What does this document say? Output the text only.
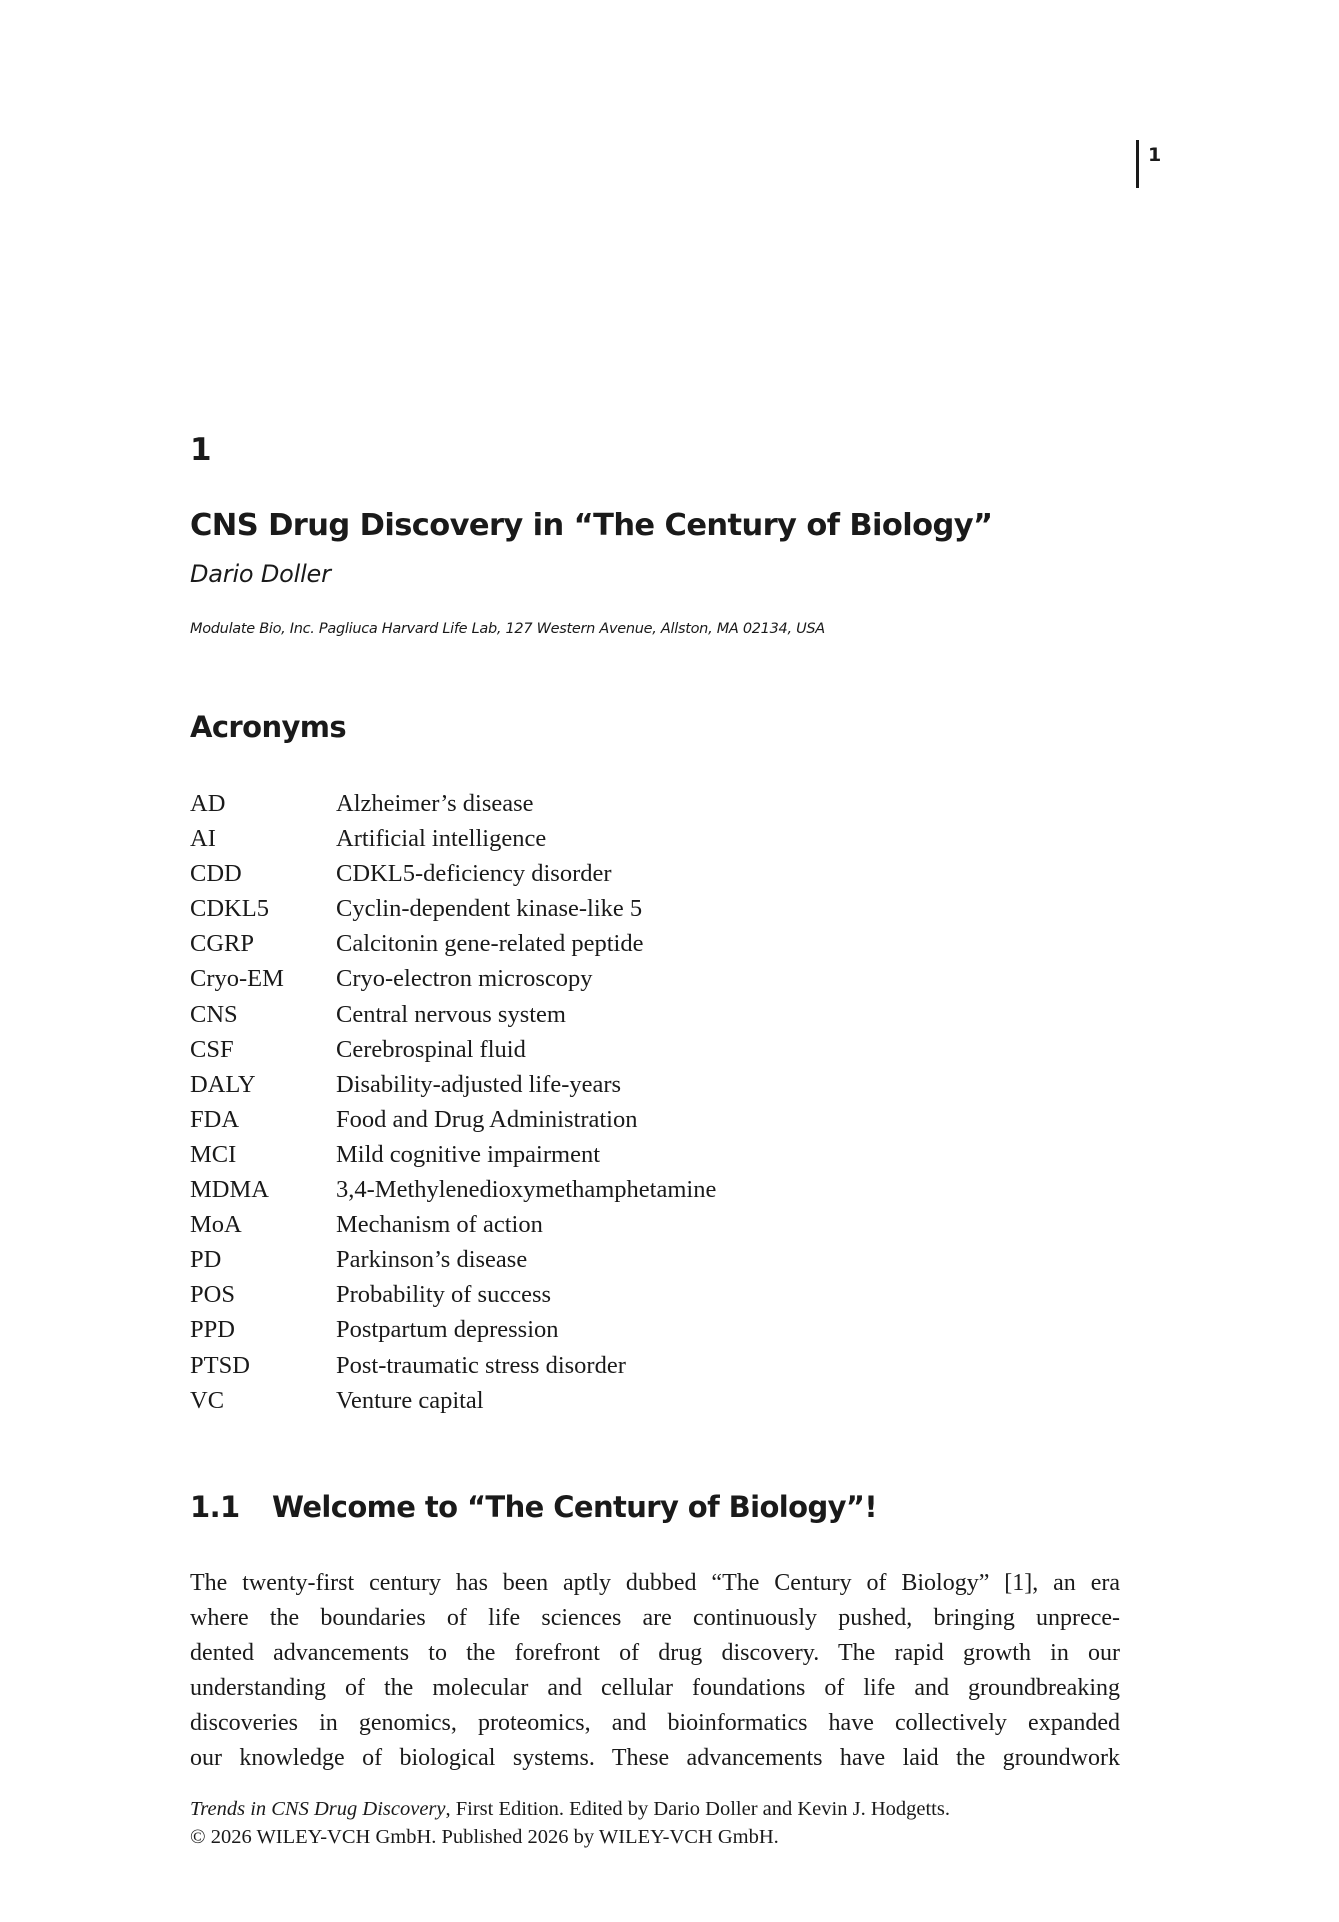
1
1
CNS Drug Discovery in “The Century of Biology”
Dario Doller
Modulate Bio, Inc. Pagliuca Harvard Life Lab, 127 Western Avenue, Allston, MA 02134, USA
Acronyms
AD	Alzheimer’s disease
AI	Artificial intelligence
CDD	CDKL5-deficiency disorder
CDKL5	Cyclin-dependent kinase-like 5
CGRP	Calcitonin gene-related peptide
Cryo-EM Cryo-electron microscopy
CNS	Central nervous system
CSF	Cerebrospinal fluid
DALY	Disability-adjusted life-years
FDA	Food and Drug Administration
MCI	Mild cognitive impairment
MDMA	3,4-Methylenedioxymethamphetamine
MoA	Mechanism of action
PD	Parkinson’s disease
POS	Probability of success
PPD	Postpartum depression
PTSD	Post-traumatic stress disorder
VC	Venture capital
1.1 Welcome to “The Century of Biology”!
The twenty-first century has been aptly dubbed “The Century of Biology” [1], an era
where the boundaries of life sciences are continuously pushed, bringing unprece-
dented advancements to the forefront of drug discovery. The rapid growth in our
understanding of the molecular and cellular foundations of life and groundbreaking
discoveries in genomics, proteomics, and bioinformatics have collectively expanded
our knowledge of biological systems. These advancements have laid the groundwork
Trends in CNS Drug Discovery, First Edition. Edited by Dario Doller and Kevin J. Hodgetts.
© 2026 WILEY-VCH GmbH. Published 2026 by WILEY-VCH GmbH.
